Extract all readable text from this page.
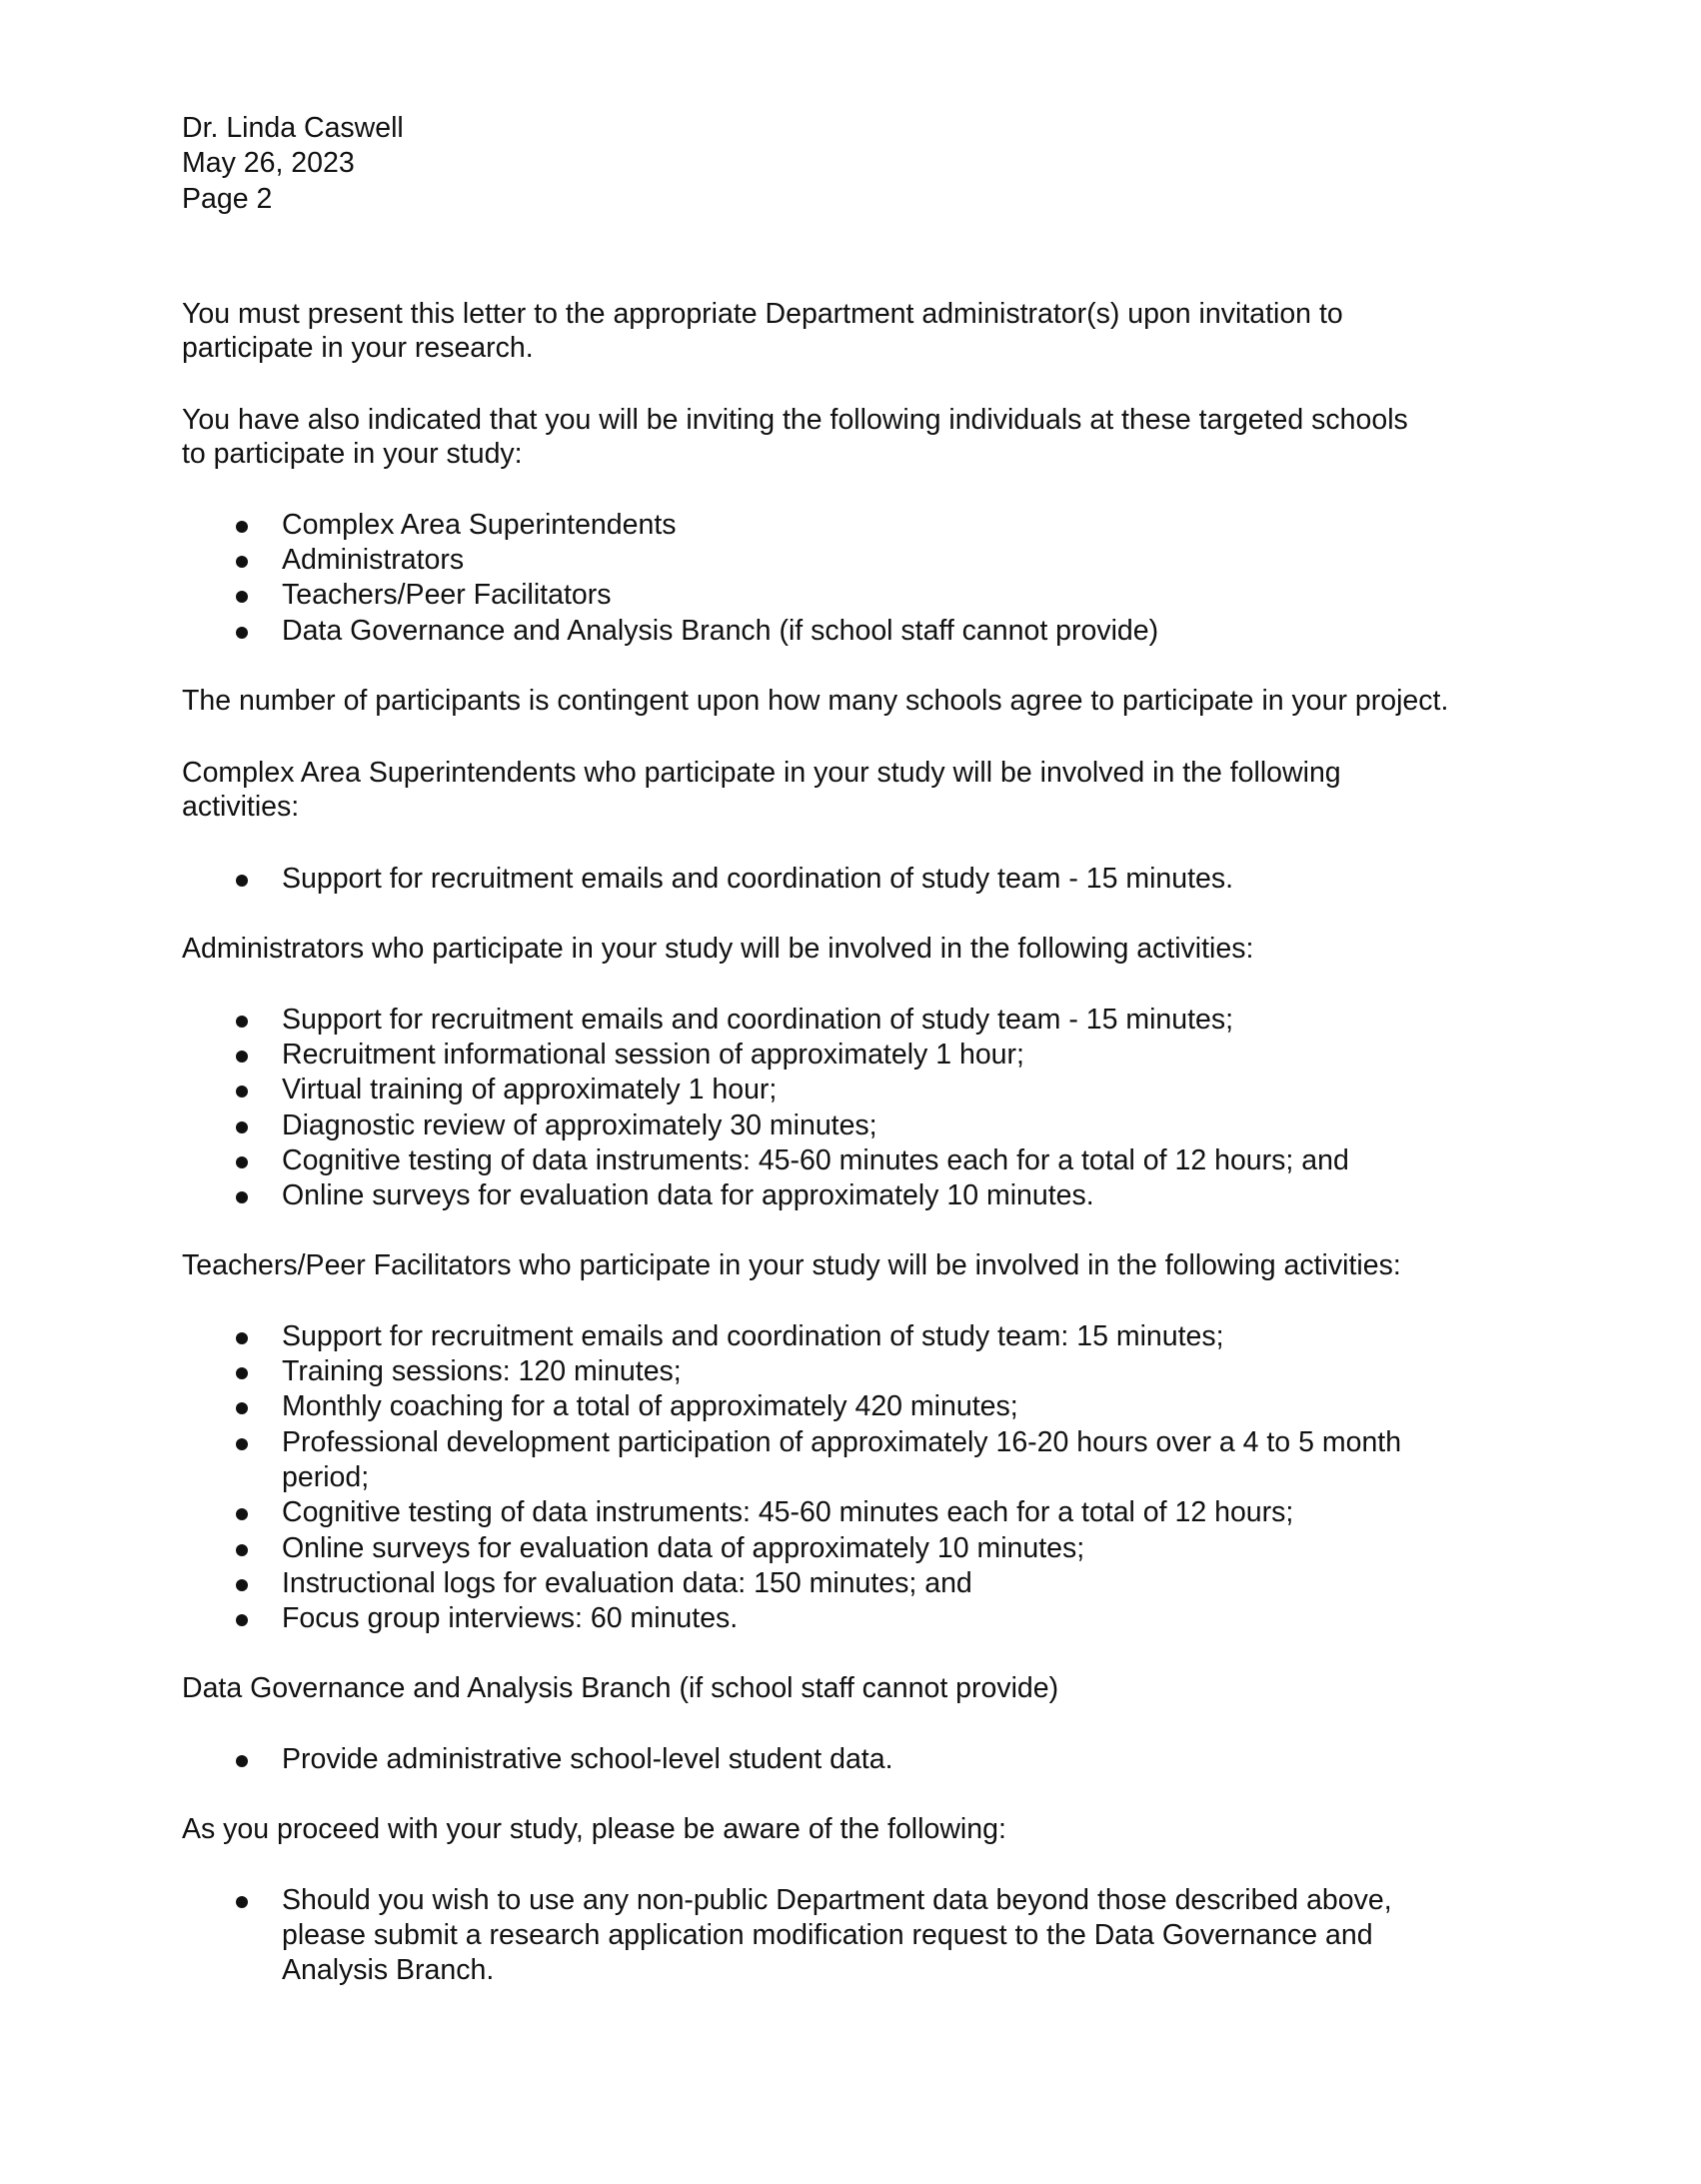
Dr. Linda Caswell
May 26, 2023
Page 2
You must present this letter to the appropriate Department administrator(s) upon invitation to
participate in your research.
You have also indicated that you will be inviting the following individuals at these targeted schools
to participate in your study:
Complex Area Superintendents
Administrators
Teachers/Peer Facilitators
Data Governance and Analysis Branch (if school staff cannot provide)
The number of participants is contingent upon how many schools agree to participate in your project.
Complex Area Superintendents who participate in your study will be involved in the following
activities:
Support for recruitment emails and coordination of study team - 15 minutes.
Administrators who participate in your study will be involved in the following activities:
Support for recruitment emails and coordination of study team - 15 minutes;
Recruitment informational session of approximately 1 hour;
Virtual training of approximately 1 hour;
Diagnostic review of approximately 30 minutes;
Cognitive testing of data instruments: 45-60 minutes each for a total of 12 hours; and
Online surveys for evaluation data for approximately 10 minutes.
Teachers/Peer Facilitators who participate in your study will be involved in the following activities:
Support for recruitment emails and coordination of study team: 15 minutes;
Training sessions: 120 minutes;
Monthly coaching for a total of approximately 420 minutes;
Professional development participation of approximately 16-20 hours over a 4 to 5 month
period;
Cognitive testing of data instruments: 45-60 minutes each for a total of 12 hours;
Online surveys for evaluation data of approximately 10 minutes;
Instructional logs for evaluation data: 150 minutes; and
Focus group interviews: 60 minutes.
Data Governance and Analysis Branch (if school staff cannot provide)
Provide administrative school-level student data.
As you proceed with your study, please be aware of the following:
Should you wish to use any non-public Department data beyond those described above,
please submit a research application modification request to the Data Governance and
Analysis Branch.
